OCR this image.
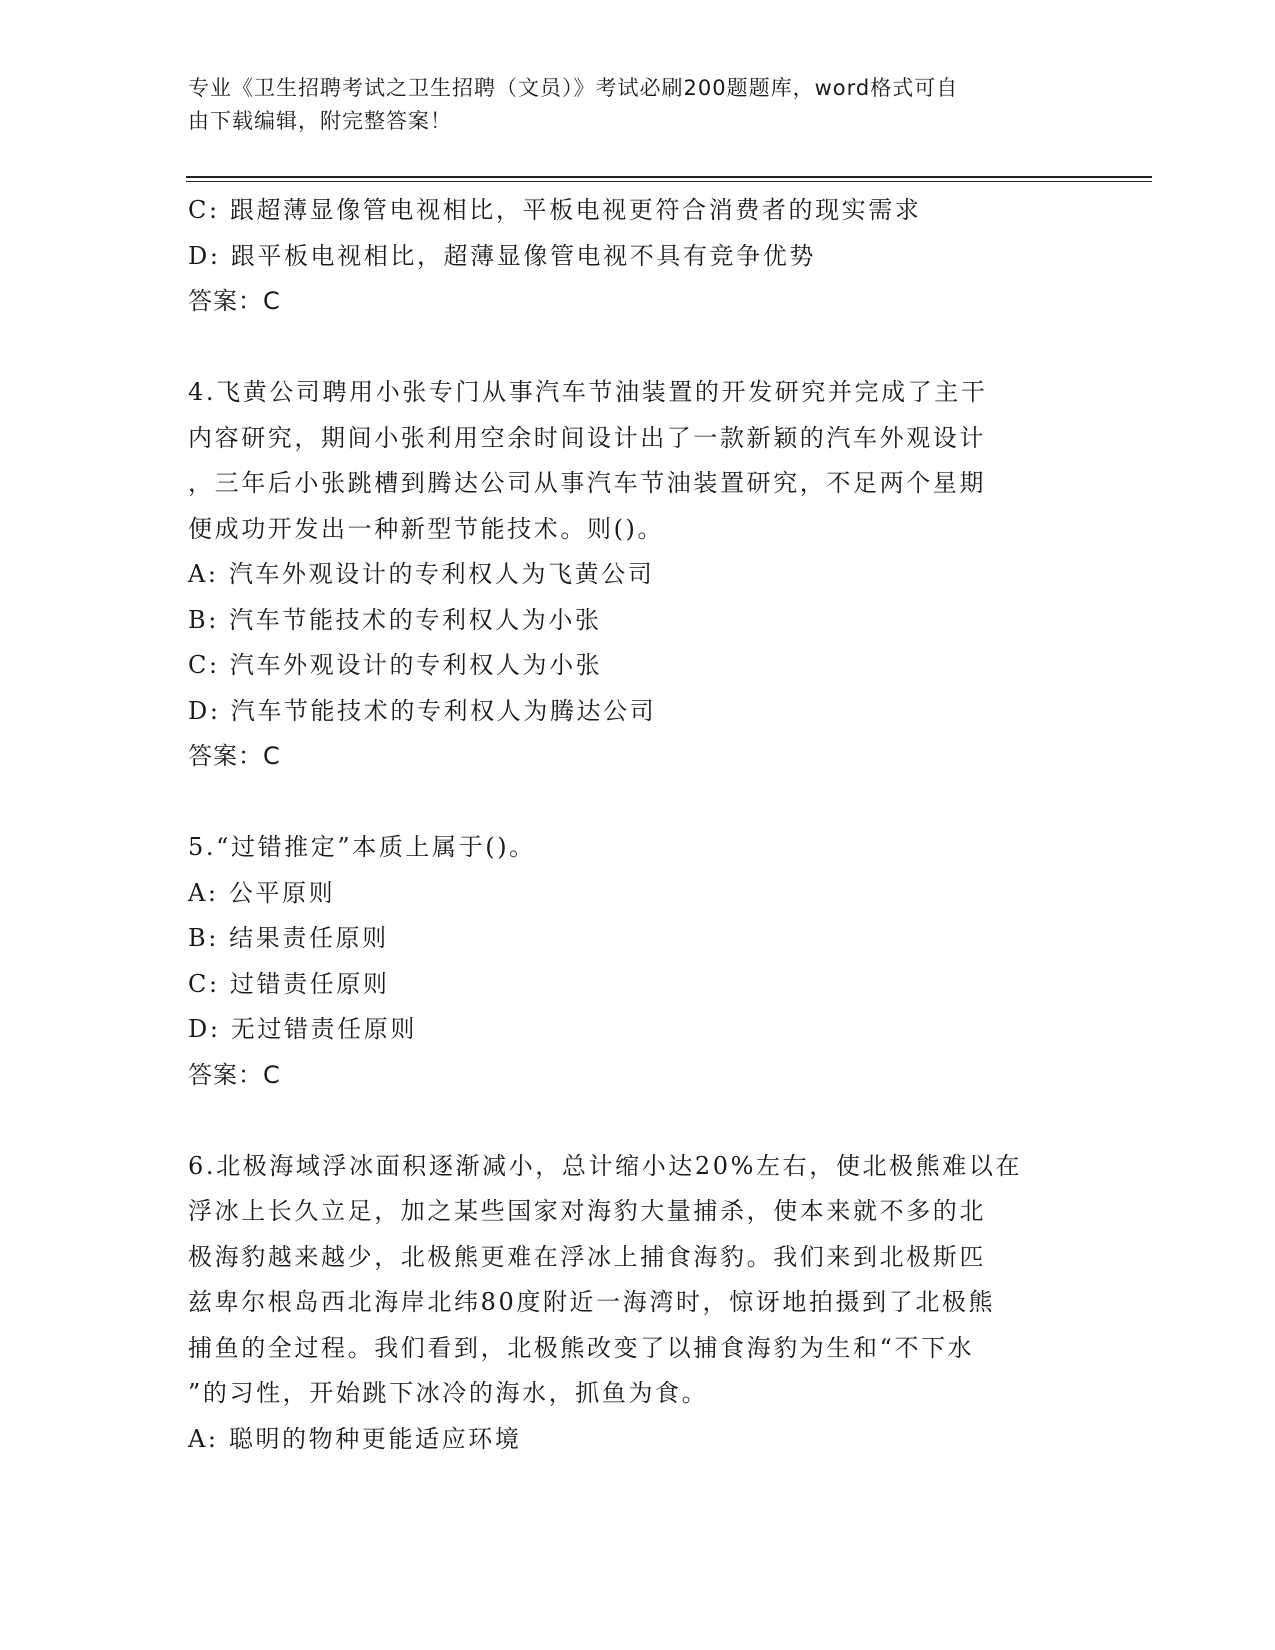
专业《卫生招聘考试之卫生招聘（文员）》考试必刷200题题库，word格式可自
由下载编辑，附完整答案！
C: 跟超薄显像管电视相比，平板电视更符合消费者的现实需求
D: 跟平板电视相比，超薄显像管电视不具有竞争优势
答案：C
4.飞黄公司聘用小张专门从事汽车节油装置的开发研究并完成了主干
内容研究，期间小张利用空余时间设计出了一款新颖的汽车外观设计
，三年后小张跳槽到腾达公司从事汽车节油装置研究，不足两个星期
便成功开发出一种新型节能技术。则()。
A: 汽车外观设计的专利权人为飞黄公司
B: 汽车节能技术的专利权人为小张
C: 汽车外观设计的专利权人为小张
D: 汽车节能技术的专利权人为腾达公司
答案：C
5.“过错推定”本质上属于()。
A: 公平原则
B: 结果责任原则
C: 过错责任原则
D: 无过错责任原则
答案：C
6.北极海域浮冰面积逐渐减小，总计缩小达20%左右，使北极熊难以在
浮冰上长久立足，加之某些国家对海豹大量捕杀，使本来就不多的北
极海豹越来越少，北极熊更难在浮冰上捕食海豹。我们来到北极斯匹
兹卑尔根岛西北海岸北纬80度附近一海湾时，惊讶地拍摄到了北极熊
捕鱼的全过程。我们看到，北极熊改变了以捕食海豹为生和“不下水
”的习性，开始跳下冰冷的海水，抓鱼为食。
A: 聪明的物种更能适应环境
